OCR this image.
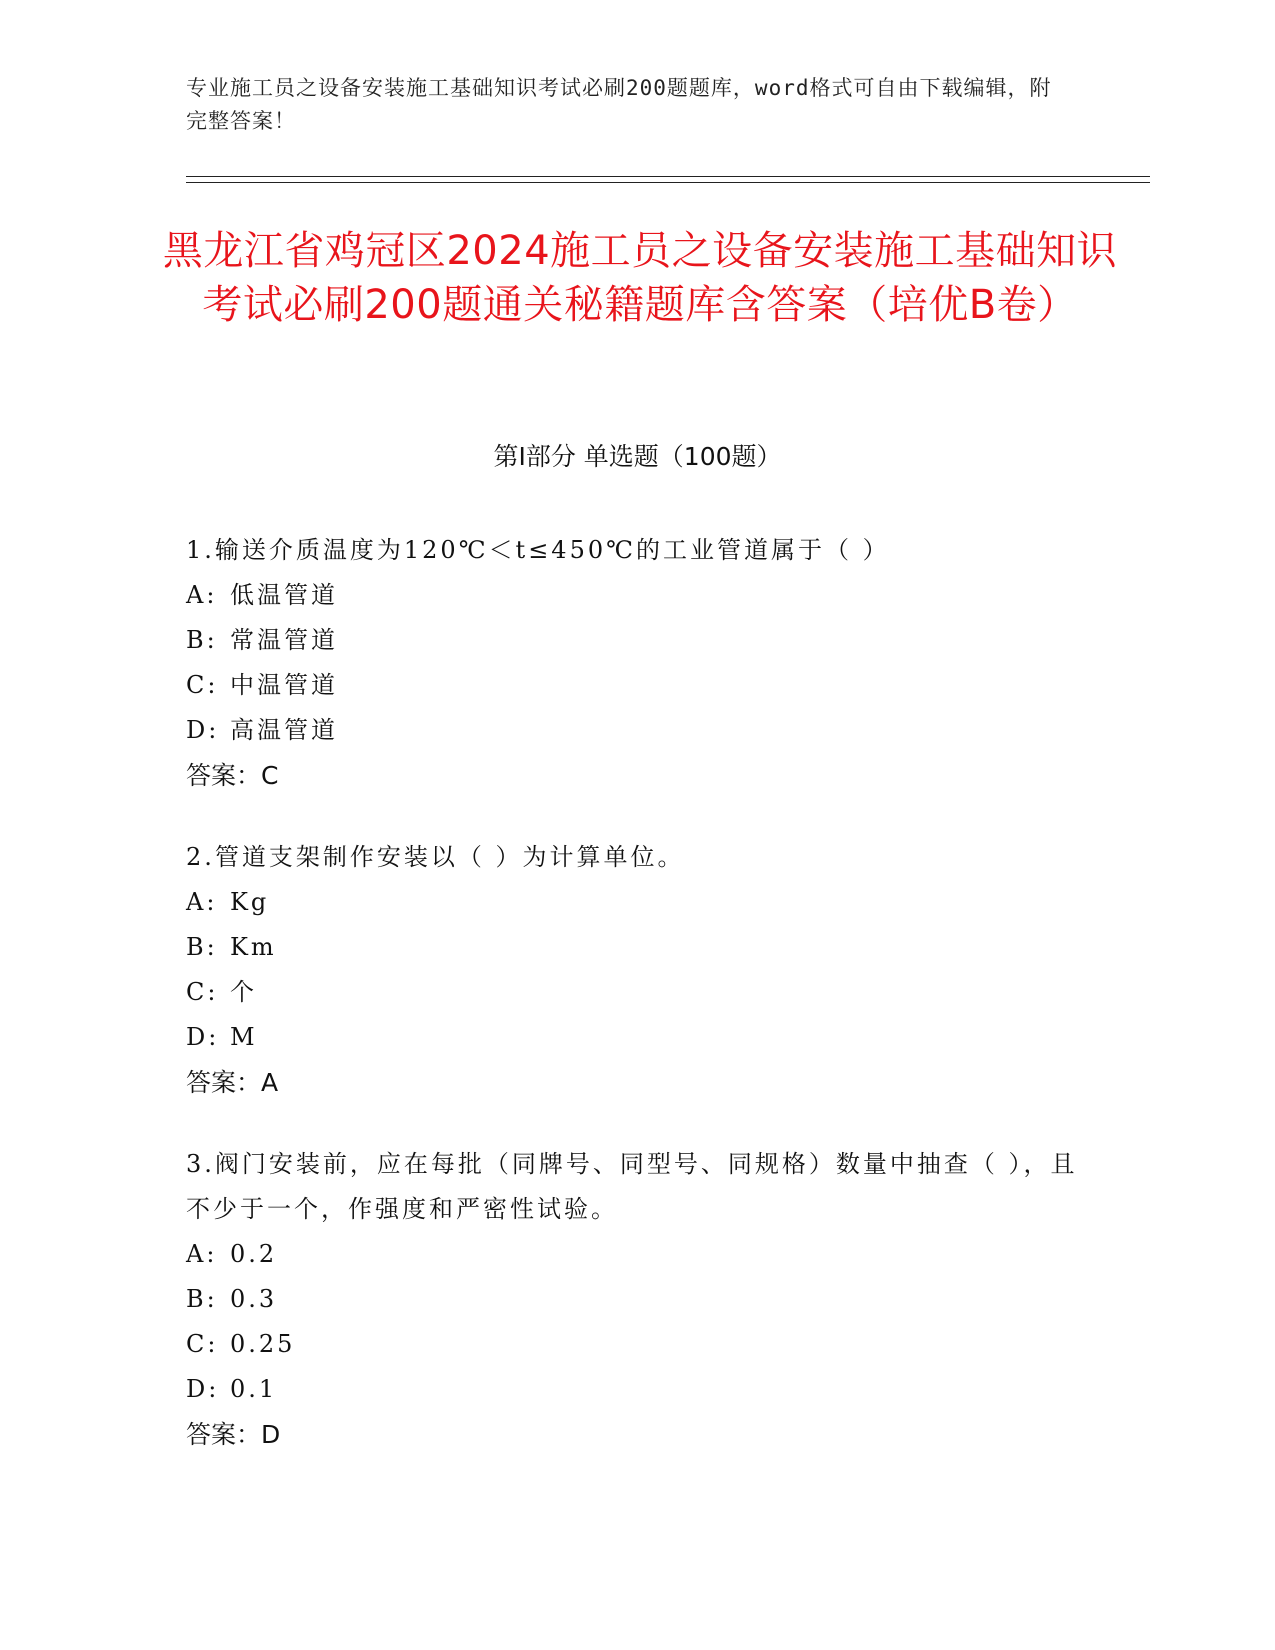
专业施工员之设备安装施工基础知识考试必刷200题题库，word格式可自由下载编辑，附完整答案！
黑龙江省鸡冠区2024施工员之设备安装施工基础知识考试必刷200题通关秘籍题库含答案（培优B卷）
第Ⅰ部分 单选题（100题）
1.输送介质温度为120℃＜t≤450℃的工业管道属于（ ）
A: 低温管道
B: 常温管道
C: 中温管道
D: 高温管道
答案：C
2.管道支架制作安装以（ ）为计算单位。
A: Kg
B: Km
C: 个
D: M
答案：A
3.阀门安装前，应在每批（同牌号、同型号、同规格）数量中抽查（ ），且不少于一个，作强度和严密性试验。
A: 0.2
B: 0.3
C: 0.25
D: 0.1
答案：D
